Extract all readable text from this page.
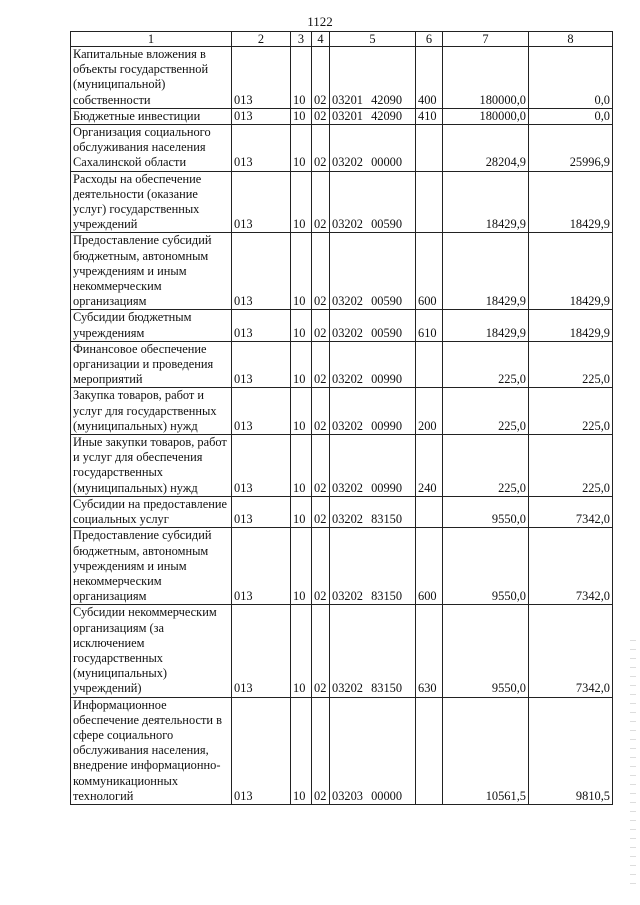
1122
1	2	3	4	5	6	7	8
Капитальные вложения в объекты государственной (муниципальной) собственности	013	10	02	03201 42090	400	180000,0	0,0
Бюджетные инвестиции	013	10	02	03201 42090	410	180000,0	0,0
Организация социального обслуживания населения Сахалинской области	013	10	02	03202 00000		28204,9	25996,9
Расходы на обеспечение деятельности (оказание услуг) государственных учреждений	013	10	02	03202 00590		18429,9	18429,9
Предоставление субсидий бюджетным, автономным учреждениям и иным некоммерческим организациям	013	10	02	03202 00590	600	18429,9	18429,9
Субсидии бюджетным учреждениям	013	10	02	03202 00590	610	18429,9	18429,9
Финансовое обеспечение организации и проведения мероприятий	013	10	02	03202 00990		225,0	225,0
Закупка товаров, работ и услуг для государственных (муниципальных) нужд	013	10	02	03202 00990	200	225,0	225,0
Иные закупки товаров, работ и услуг для обеспечения государственных (муниципальных) нужд	013	10	02	03202 00990	240	225,0	225,0
Субсидии на предоставление социальных услуг	013	10	02	03202 83150		9550,0	7342,0
Предоставление субсидий бюджетным, автономным учреждениям и иным некоммерческим организациям	013	10	02	03202 83150	600	9550,0	7342,0
Субсидии некоммерческим организациям (за исключением государственных (муниципальных) учреждений)	013	10	02	03202 83150	630	9550,0	7342,0
Информационное обеспечение деятельности в сфере социального обслуживания населения, внедрение информационно-коммуникационных технологий	013	10	02	03203 00000		10561,5	9810,5
